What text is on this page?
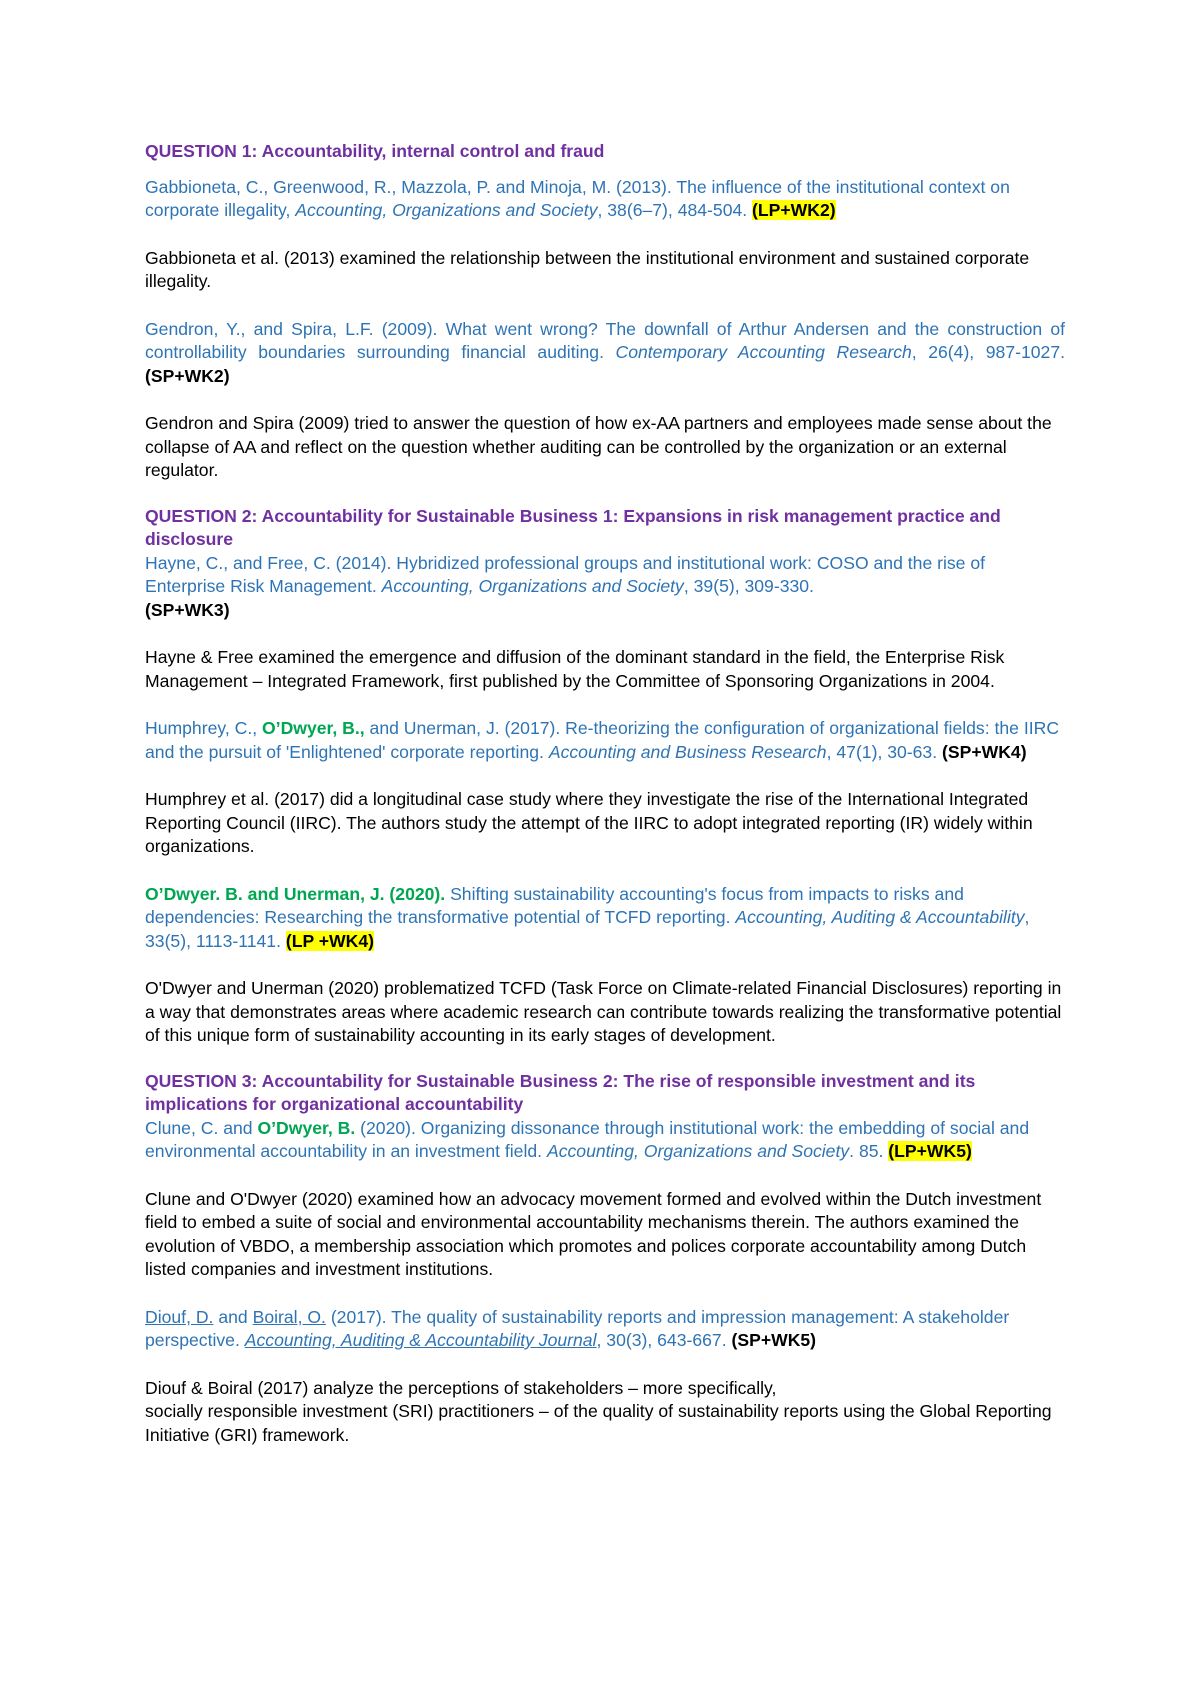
QUESTION 1: Accountability, internal control and fraud

Gabbioneta, C., Greenwood, R., Mazzola, P. and Minoja, M. (2013). The influence of the institutional context on corporate illegality, Accounting, Organizations and Society, 38(6–7), 484-504. (LP+WK2)

Gabbioneta et al. (2013) examined the relationship between the institutional environment and sustained corporate illegality.

Gendron, Y., and Spira, L.F. (2009). What went wrong? The downfall of Arthur Andersen and the construction of controllability boundaries surrounding financial auditing. Contemporary Accounting Research, 26(4), 987-1027. (SP+WK2)

Gendron and Spira (2009) tried to answer the question of how ex-AA partners and employees made sense about the collapse of AA and reflect on the question whether auditing can be controlled by the organization or an external regulator.

QUESTION 2: Accountability for Sustainable Business 1: Expansions in risk management practice and disclosure

Hayne, C., and Free, C. (2014). Hybridized professional groups and institutional work: COSO and the rise of Enterprise Risk Management. Accounting, Organizations and Society, 39(5), 309-330.
(SP+WK3)

Hayne & Free examined the emergence and diffusion of the dominant standard in the field, the Enterprise Risk Management – Integrated Framework, first published by the Committee of Sponsoring Organizations in 2004.

Humphrey, C., O’Dwyer, B., and Unerman, J. (2017). Re-theorizing the configuration of organizational fields: the IIRC and the pursuit of 'Enlightened' corporate reporting. Accounting and Business Research, 47(1), 30-63. (SP+WK4)

Humphrey et al. (2017) did a longitudinal case study where they investigate the rise of the International Integrated Reporting Council (IIRC). The authors study the attempt of the IIRC to adopt integrated reporting (IR) widely within organizations.

O’Dwyer. B. and Unerman, J. (2020). Shifting sustainability accounting's focus from impacts to risks and dependencies: Researching the transformative potential of TCFD reporting. Accounting, Auditing & Accountability, 33(5), 1113-1141. (LP +WK4)

O'Dwyer and Unerman (2020) problematized TCFD (Task Force on Climate-related Financial Disclosures) reporting in a way that demonstrates areas where academic research can contribute towards realizing the transformative potential of this unique form of sustainability accounting in its early stages of development.

QUESTION 3: Accountability for Sustainable Business 2: The rise of responsible investment and its implications for organizational accountability

Clune, C. and O’Dwyer, B. (2020). Organizing dissonance through institutional work: the embedding of social and environmental accountability in an investment field. Accounting, Organizations and Society. 85. (LP+WK5)

Clune and O'Dwyer (2020) examined how an advocacy movement formed and evolved within the Dutch investment field to embed a suite of social and environmental accountability mechanisms therein. The authors examined the evolution of VBDO, a membership association which promotes and polices corporate accountability among Dutch listed companies and investment institutions.

Diouf, D. and Boiral, O. (2017). The quality of sustainability reports and impression management: A stakeholder perspective. Accounting, Auditing & Accountability Journal, 30(3), 643-667. (SP+WK5)

Diouf & Boiral (2017) analyze the perceptions of stakeholders – more specifically,
socially responsible investment (SRI) practitioners – of the quality of sustainability reports using the Global Reporting Initiative (GRI) framework.
